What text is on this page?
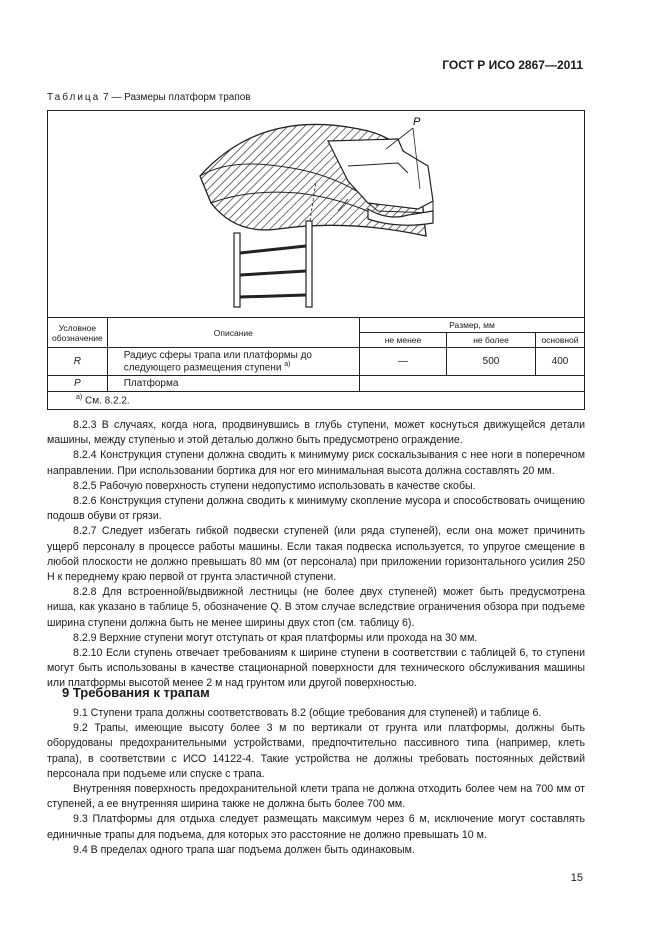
ГОСТ Р ИСО 2867—2011
Таблица 7 — Размеры платформ трапов
P
Условное обозначение	Описание	Размер, мм		
		не менее	не более	основной
R	Радиус сферы трапа или платформы до следующего размещения ступени $^{а)}$	—	500	400
P	Платформа			
$^{а)}$ См. 8.2.2.				

8.2.3 В случаях, когда нога, продвинувшись в глубь ступени, может коснуться движущейся детали машины, между ступенью и этой деталью должно быть предусмотрено ограждение.

8.2.4 Конструкция ступени должна сводить к минимуму риск соскальзывания с нее ноги в поперечном направлении. При использовании бортика для ног его минимальная высота должна составлять 20 мм.

8.2.5 Рабочую поверхность ступени недопустимо использовать в качестве скобы.

8.2.6 Конструкция ступени должна сводить к минимуму скопление мусора и способствовать очищению подошв обуви от грязи.

8.2.7 Следует избегать гибкой подвески ступеней (или ряда ступеней), если она может причинить ущерб персоналу в процессе работы машины. Если такая подвеска используется, то упругое смещение в любой плоскости не должно превышать 80 мм (от персонала) при приложении горизонтального усилия 250 Н к переднему краю первой от грунта эластичной ступени.

8.2.8 Для встроенной/выдвижной лестницы (не более двух ступеней) может быть предусмотрена ниша, как указано в таблице 5, обозначение Q. В этом случае вследствие ограничения обзора при подъеме ширина ступени должна быть не менее ширины двух стоп (см. таблицу 6).

8.2.9 Верхние ступени могут отступать от края платформы или прохода на 30 мм.

8.2.10 Если ступень отвечает требованиям к ширине ступени в соответствии с таблицей 6, то ступени могут быть использованы в качестве стационарной поверхности для технического обслуживания машины или платформы высотой менее 2 м над грунтом или другой поверхностью.

9 Требования к трапам

9.1 Ступени трапа должны соответствовать 8.2 (общие требования для ступеней) и таблице 6.

9.2 Трапы, имеющие высоту более 3 м по вертикали от грунта или платформы, должны быть оборудованы предохранительными устройствами, предпочтительно пассивного типа (например, клеть трапа), в соответствии с ИСО 14122-4. Такие устройства не должны требовать постоянных действий персонала при подъеме или спуске с трапа.

Внутренняя поверхность предохранительной клети трапа не должна отходить более чем на 700 мм от ступеней, а ее внутренняя ширина также не должна быть более 700 мм.

9.3 Платформы для отдыха следует размещать максимум через 6 м, исключение могут составлять единичные трапы для подъема, для которых это расстояние не должно превышать 10 м.

9.4 В пределах одного трапа шаг подъема должен быть одинаковым.

15
